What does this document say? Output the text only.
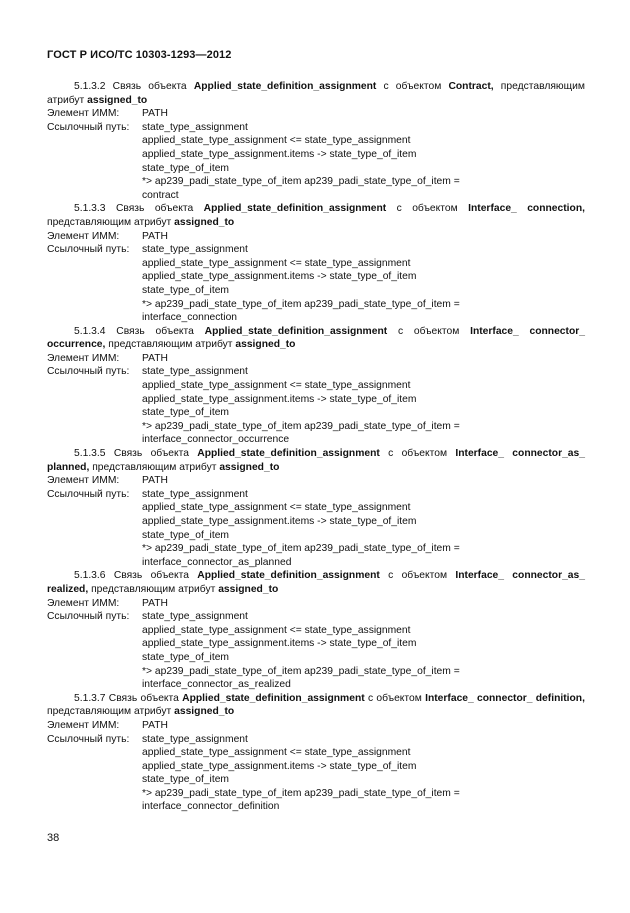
ГОСТ Р ИСО/ТС 10303-1293—2012

5.1.3.2 Связь объекта Applied_state_definition_assignment с объектом Contract, представляющим атрибут assigned_to

Элемент ИММ:	PATH
Ссылочный путь:	state_type_assignment
applied_state_type_assignment <= state_type_assignment
applied_state_type_assignment.items -> state_type_of_item
state_type_of_item
*> ap239_padi_state_type_of_item ap239_padi_state_type_of_item =
contract

5.1.3.3 Связь объекта Applied_state_definition_assignment с объектом Interface_ connection, представляющим атрибут assigned_to

Элемент ИММ:	PATH
Ссылочный путь:	state_type_assignment
applied_state_type_assignment <= state_type_assignment
applied_state_type_assignment.items -> state_type_of_item
state_type_of_item
*> ap239_padi_state_type_of_item ap239_padi_state_type_of_item =
interface_connection

5.1.3.4 Связь объекта Applied_state_definition_assignment с объектом Interface_ connector_ occurrence, представляющим атрибут assigned_to

Элемент ИММ:	PATH
Ссылочный путь:	state_type_assignment
applied_state_type_assignment <= state_type_assignment
applied_state_type_assignment.items -> state_type_of_item
state_type_of_item
*> ap239_padi_state_type_of_item ap239_padi_state_type_of_item =
interface_connector_occurrence

5.1.3.5 Связь объекта Applied_state_definition_assignment с объектом Interface_ connector_as_ planned, представляющим атрибут assigned_to

Элемент ИММ:	PATH
Ссылочный путь:	state_type_assignment
applied_state_type_assignment <= state_type_assignment
applied_state_type_assignment.items -> state_type_of_item
state_type_of_item
*> ap239_padi_state_type_of_item ap239_padi_state_type_of_item =
interface_connector_as_planned

5.1.3.6 Связь объекта Applied_state_definition_assignment с объектом Interface_ connector_as_ realized, представляющим атрибут assigned_to

Элемент ИММ:	PATH
Ссылочный путь:	state_type_assignment
applied_state_type_assignment <= state_type_assignment
applied_state_type_assignment.items -> state_type_of_item
state_type_of_item
*> ap239_padi_state_type_of_item ap239_padi_state_type_of_item =
interface_connector_as_realized

5.1.3.7 Связь объекта Applied_state_definition_assignment с объектом Interface_ connector_ definition, представляющим атрибут assigned_to

Элемент ИММ:	PATH
Ссылочный путь:	state_type_assignment
applied_state_type_assignment <= state_type_assignment
applied_state_type_assignment.items -> state_type_of_item
state_type_of_item
*> ap239_padi_state_type_of_item ap239_padi_state_type_of_item =
interface_connector_definition
38
